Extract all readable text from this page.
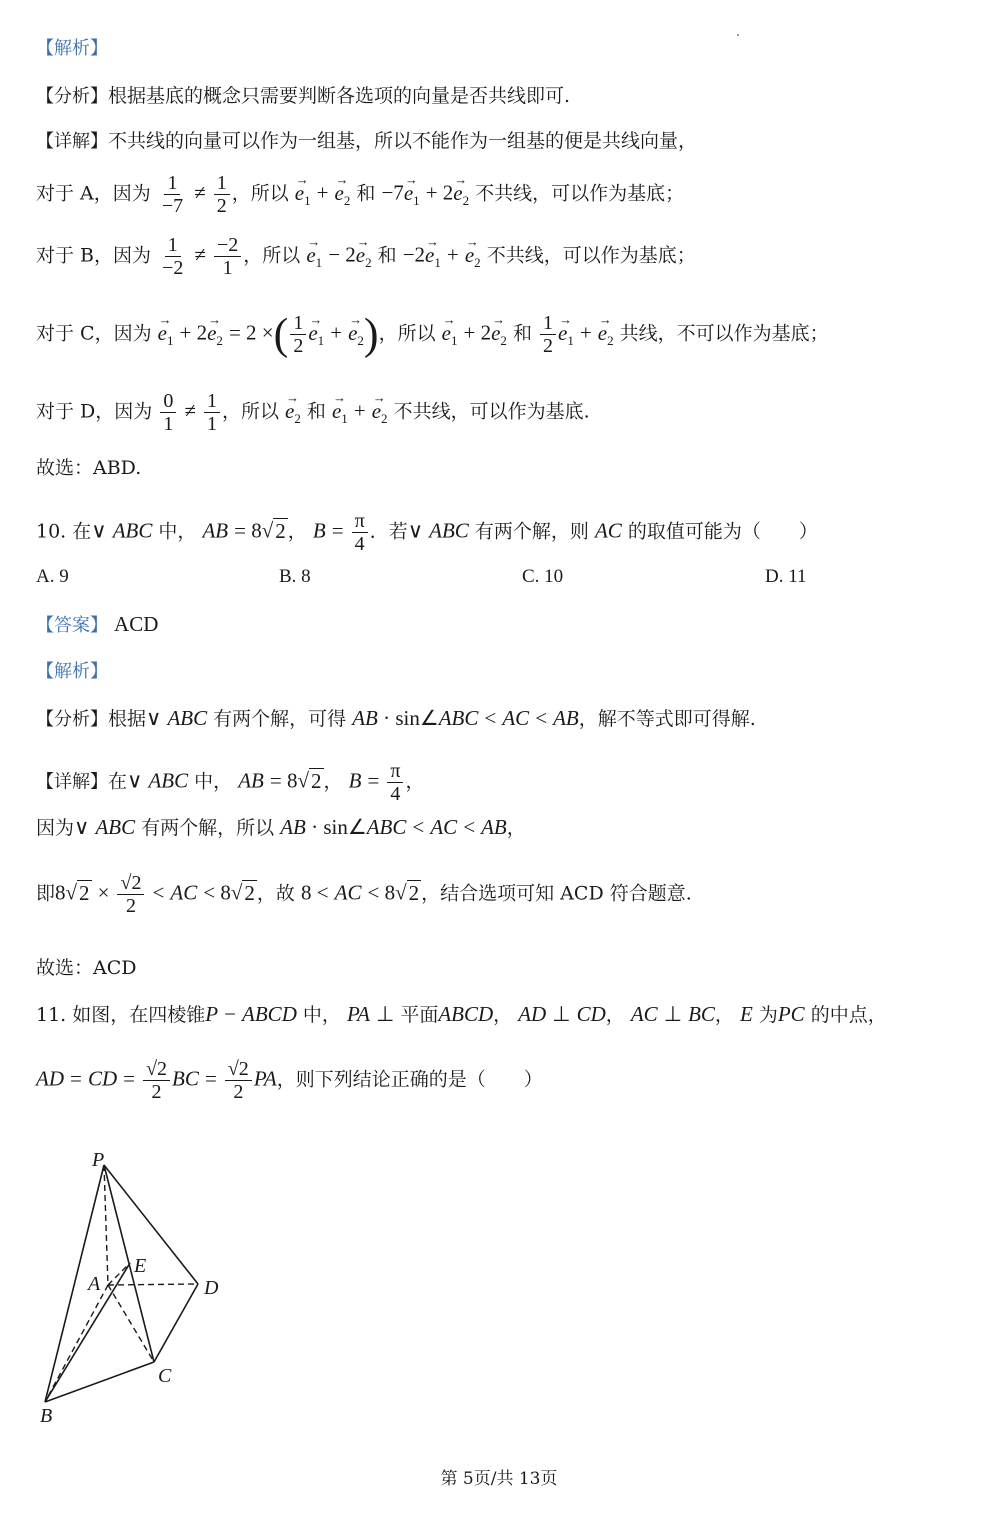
【解析】
【分析】根据基底的概念只需要判断各选项的向量是否共线即可.
【详解】不共线的向量可以作为一组基，所以不能作为一组基的便是共线向量，
对于 A，因为 $\frac{1}{-7} \ne \frac{1}{2}$ ，所以 → $e_1$ + → $e_2$ 和 $-7\to e_1 + 2\to e_2$ 不共线，可以作为基底；
对于 B，因为 $\frac{1}{-2} \ne \frac{-2}{1}$ ，所以 → $e_1 - 2\to e_2$ 和 $-2\to e_1$ + → $e_2$ 不共线，可以作为基底；
对于 C，因为 → $e_1 + 2\to e_2 = 2$ ×( $\frac{1}{2}$
→ $e_1$ + → $e_2$)，所以 → $e_1 + 2\to e_2$ 和 $\frac{1}{2}$
→ $e_1$ + → $e_2$ 共线，不可以作为基底；
对于 D，因为 $\frac{0}{1} \ne \frac{1}{1}$ ，所以 → $e_2$ 和 → $e_1$ + → $e_2$ 不共线，可以作为基底.
故选：ABD.
10. 在∨ ABC 中， AB = 8√2 ， $B = \frac{\pi}{4}$ ．若∨ ABC 有两个解，则 AC 的取值可能为（　　）
A. 9	B. 8	C. 10	D. 11
【答案】 ACD
【解析】
【分析】根据∨ ABC 有两个解，可得 AB · sin∠ABC < AC < AB，解不等式即可得解.
【详解】在∨ ABC 中， AB = 8√2 ， $B = \frac{\pi}{4}$ ，
因为∨ ABC 有两个解，所以 AB · sin∠ABC < AC < AB，
即$8√2 \times \frac{√2}{2}$ < AC < 8√2 ，故 8 < AC < 8√2 ，结合选项可知 ACD 符合题意.
故选：ACD
11. 如图，在四棱锥P − ABCD 中， PA ⊥ 平面ABCD， AD ⊥ CD， AC ⊥ BC， E 为PC 的中点，
AD = CD = $\frac{√2}{2}$ BC = $\frac{√2}{2}$ PA，则下列结论正确的是（　　）
P
E
A	D
C
B
第 5页/共 13页
